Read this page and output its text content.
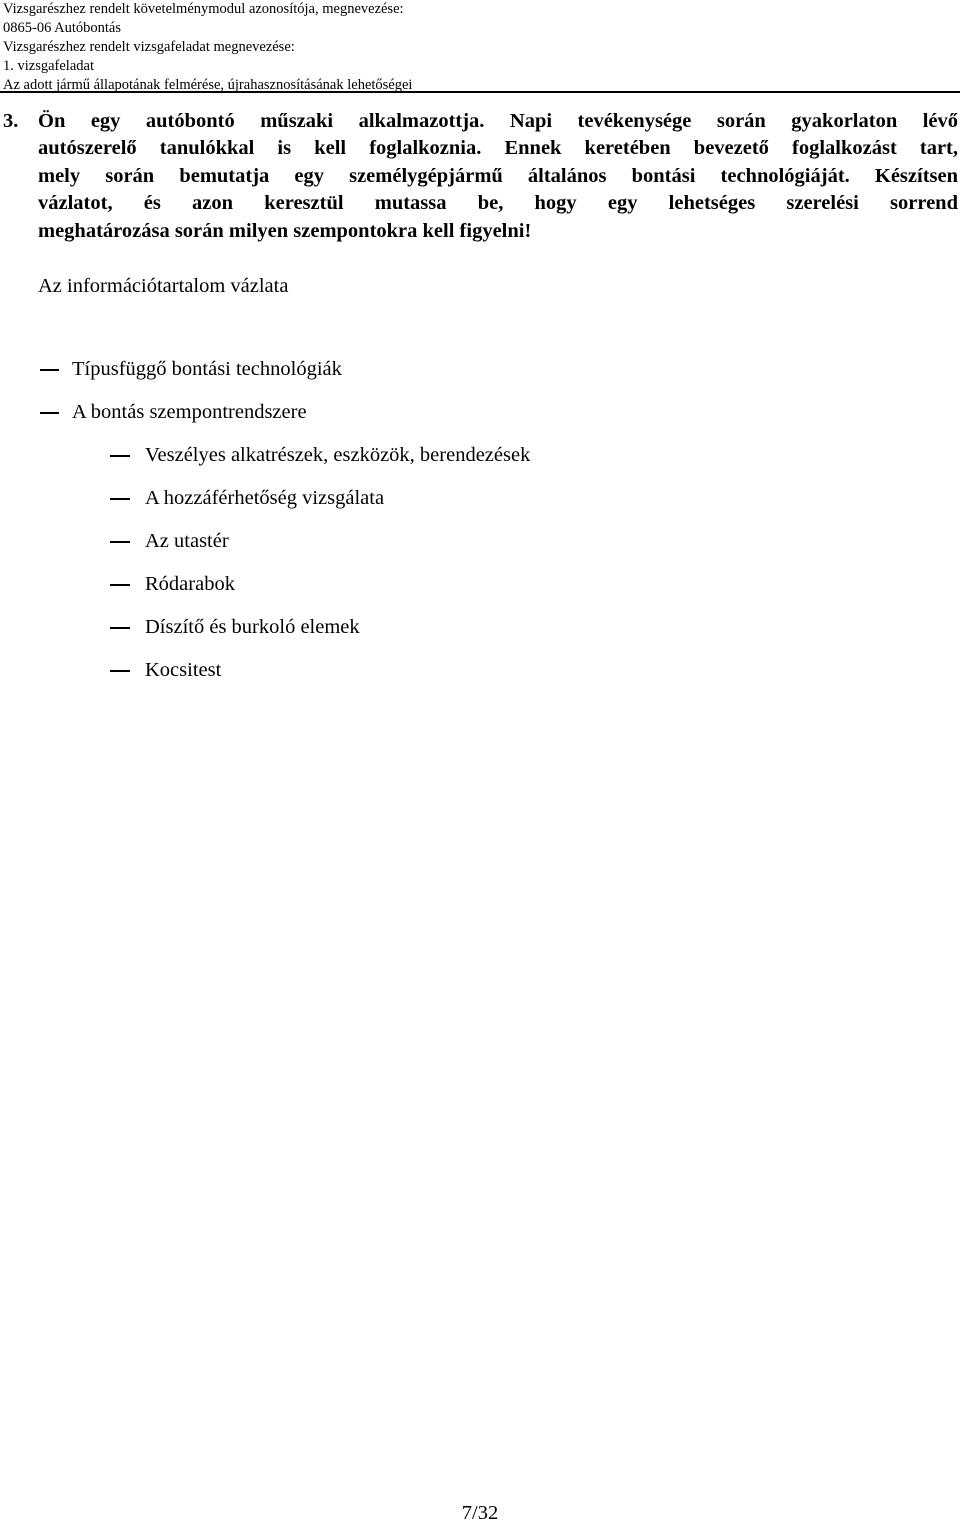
Vizsgarészhez rendelt követelménymodul azonosítója, megnevezése:
0865-06 Autóbontás
Vizsgarészhez rendelt vizsgafeladat megnevezése:
1. vizsgafeladat
Az adott jármű állapotának felmérése, újrahasznosításának lehetőségei
3. Ön egy autóbontó műszaki alkalmazottja. Napi tevékenysége során gyakorlaton lévő
autószerelő tanulókkal is kell foglalkoznia. Ennek keretében bevezető foglalkozást tart,
mely során bemutatja egy személygépjármű általános bontási technológiáját. Készítsen
vázlatot, és azon keresztül mutassa be, hogy egy lehetséges szerelési sorrend
meghatározása során milyen szempontokra kell figyelni!
Az információtartalom vázlata
Típusfüggő bontási technológiák
A bontás szempontrendszere
Veszélyes alkatrészek, eszközök, berendezések
A hozzáférhetőség vizsgálata
Az utastér
Ródarabok
Díszítő és burkoló elemek
Kocsitest
7/32
